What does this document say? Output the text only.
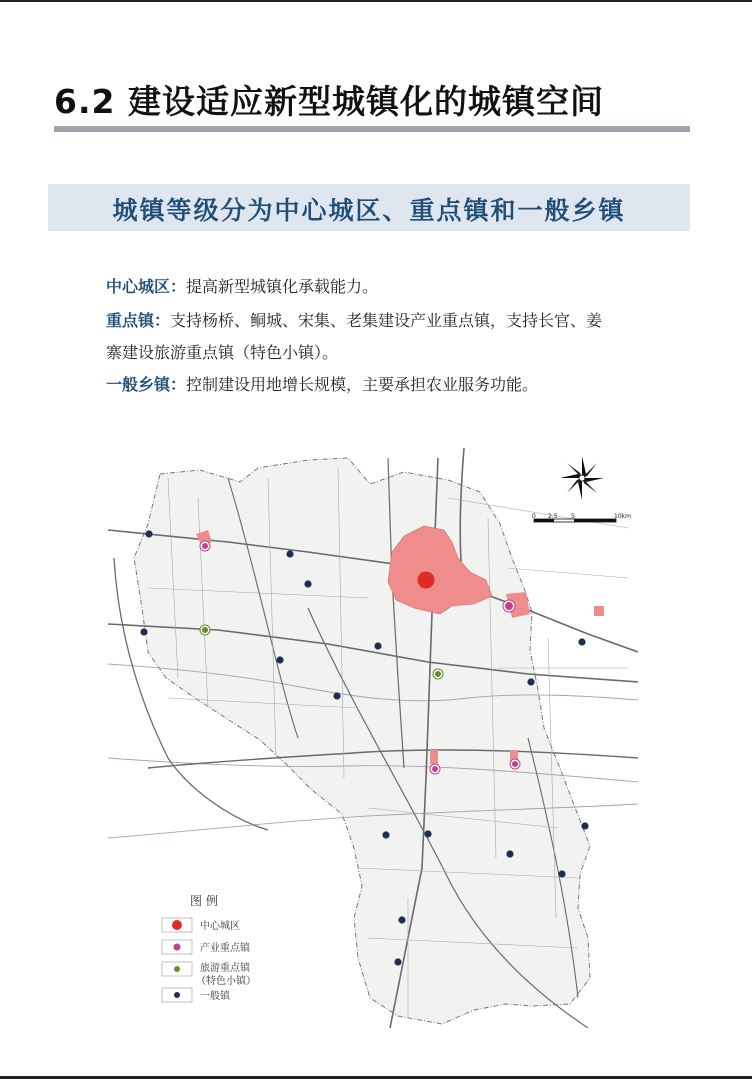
6.2 建设适应新型城镇化的城镇空间
城镇等级分为中心城区、重点镇和一般乡镇
中心城区：提高新型城镇化承载能力。
重点镇：支持杨桥、鲖城、宋集、老集建设产业重点镇，支持长官、姜
寨建设旅游重点镇（特色小镇）。
一般乡镇：控制建设用地增长规模，主要承担农业服务功能。
0 2.5 5	10km
图 例
中心城区
产业重点镇
旅游重点镇
（特色小镇）
一般镇
